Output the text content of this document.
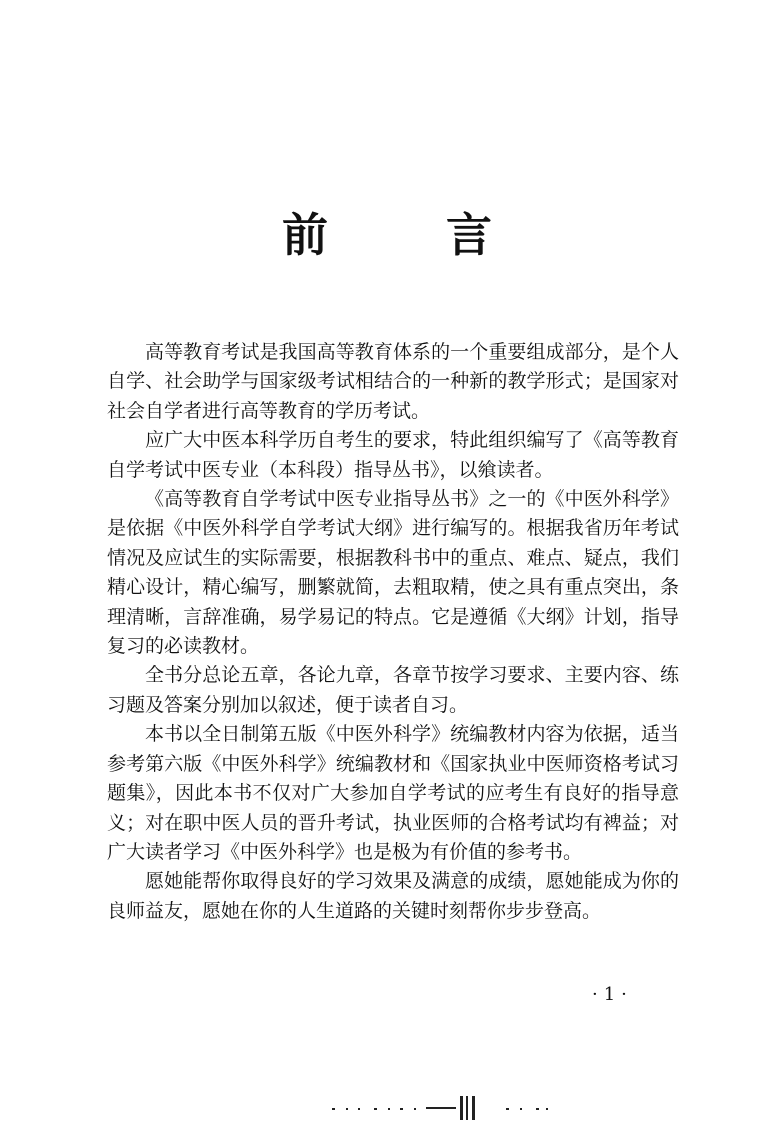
前	言

高等教育考试是我国高等教育体系的一个重要组成部分，是个人自学、社会助学与国家级考试相结合的一种新的教学形式；是国家对社会自学者进行高等教育的学历考试。

应广大中医本科学历自考生的要求，特此组织编写了《高等教育自学考试中医专业（本科段）指导丛书》，以飨读者。

《高等教育自学考试中医专业指导丛书》之一的《中医外科学》是依据《中医外科学自学考试大纲》进行编写的。根据我省历年考试情况及应试生的实际需要，根据教科书中的重点、难点、疑点，我们精心设计，精心编写，删繁就简，去粗取精，使之具有重点突出，条理清晰，言辞准确，易学易记的特点。它是遵循《大纲》计划，指导复习的必读教材。

全书分总论五章，各论九章，各章节按学习要求、主要内容、练习题及答案分别加以叙述，便于读者自习。

本书以全日制第五版《中医外科学》统编教材内容为依据，适当参考第六版《中医外科学》统编教材和《国家执业中医师资格考试习题集》，因此本书不仅对广大参加自学考试的应考生有良好的指导意义；对在职中医人员的晋升考试，执业医师的合格考试均有裨益；对广大读者学习《中医外科学》也是极为有价值的参考书。

愿她能帮你取得良好的学习效果及满意的成绩，愿她能成为你的良师益友，愿她在你的人生道路的关键时刻帮你步步登高。

·1·
